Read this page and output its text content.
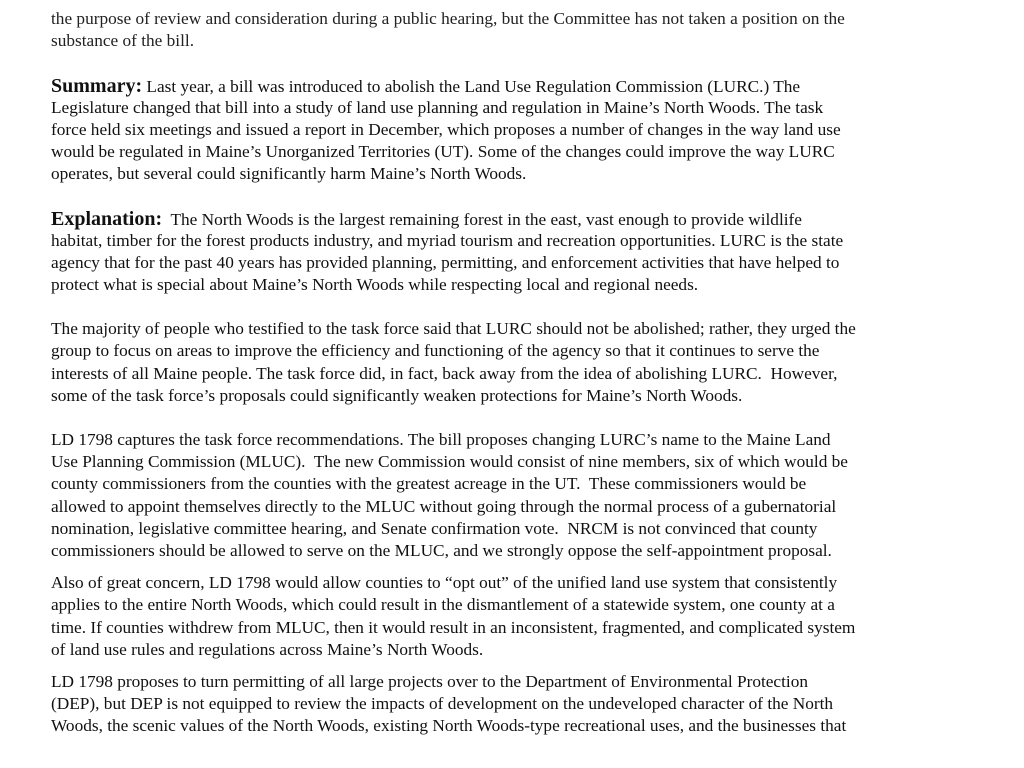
the purpose of review and consideration during a public hearing, but the Committee has not taken a position on the
substance of the bill.
Summary: Last year, a bill was introduced to abolish the Land Use Regulation Commission (LURC.) The
Legislature changed that bill into a study of land use planning and regulation in Maine’s North Woods. The task
force held six meetings and issued a report in December, which proposes a number of changes in the way land use
would be regulated in Maine’s Unorganized Territories (UT). Some of the changes could improve the way LURC
operates, but several could significantly harm Maine’s North Woods.
Explanation:  The North Woods is the largest remaining forest in the east, vast enough to provide wildlife
habitat, timber for the forest products industry, and myriad tourism and recreation opportunities. LURC is the state
agency that for the past 40 years has provided planning, permitting, and enforcement activities that have helped to
protect what is special about Maine’s North Woods while respecting local and regional needs.
The majority of people who testified to the task force said that LURC should not be abolished; rather, they urged the
group to focus on areas to improve the efficiency and functioning of the agency so that it continues to serve the
interests of all Maine people. The task force did, in fact, back away from the idea of abolishing LURC.  However,
some of the task force’s proposals could significantly weaken protections for Maine’s North Woods.
LD 1798 captures the task force recommendations. The bill proposes changing LURC’s name to the Maine Land
Use Planning Commission (MLUC).  The new Commission would consist of nine members, six of which would be
county commissioners from the counties with the greatest acreage in the UT.  These commissioners would be
allowed to appoint themselves directly to the MLUC without going through the normal process of a gubernatorial
nomination, legislative committee hearing, and Senate confirmation vote.  NRCM is not convinced that county
commissioners should be allowed to serve on the MLUC, and we strongly oppose the self-appointment proposal.
Also of great concern, LD 1798 would allow counties to “opt out” of the unified land use system that consistently
applies to the entire North Woods, which could result in the dismantlement of a statewide system, one county at a
time. If counties withdrew from MLUC, then it would result in an inconsistent, fragmented, and complicated system
of land use rules and regulations across Maine’s North Woods.
LD 1798 proposes to turn permitting of all large projects over to the Department of Environmental Protection
(DEP), but DEP is not equipped to review the impacts of development on the undeveloped character of the North
Woods, the scenic values of the North Woods, existing North Woods-type recreational uses, and the businesses that
